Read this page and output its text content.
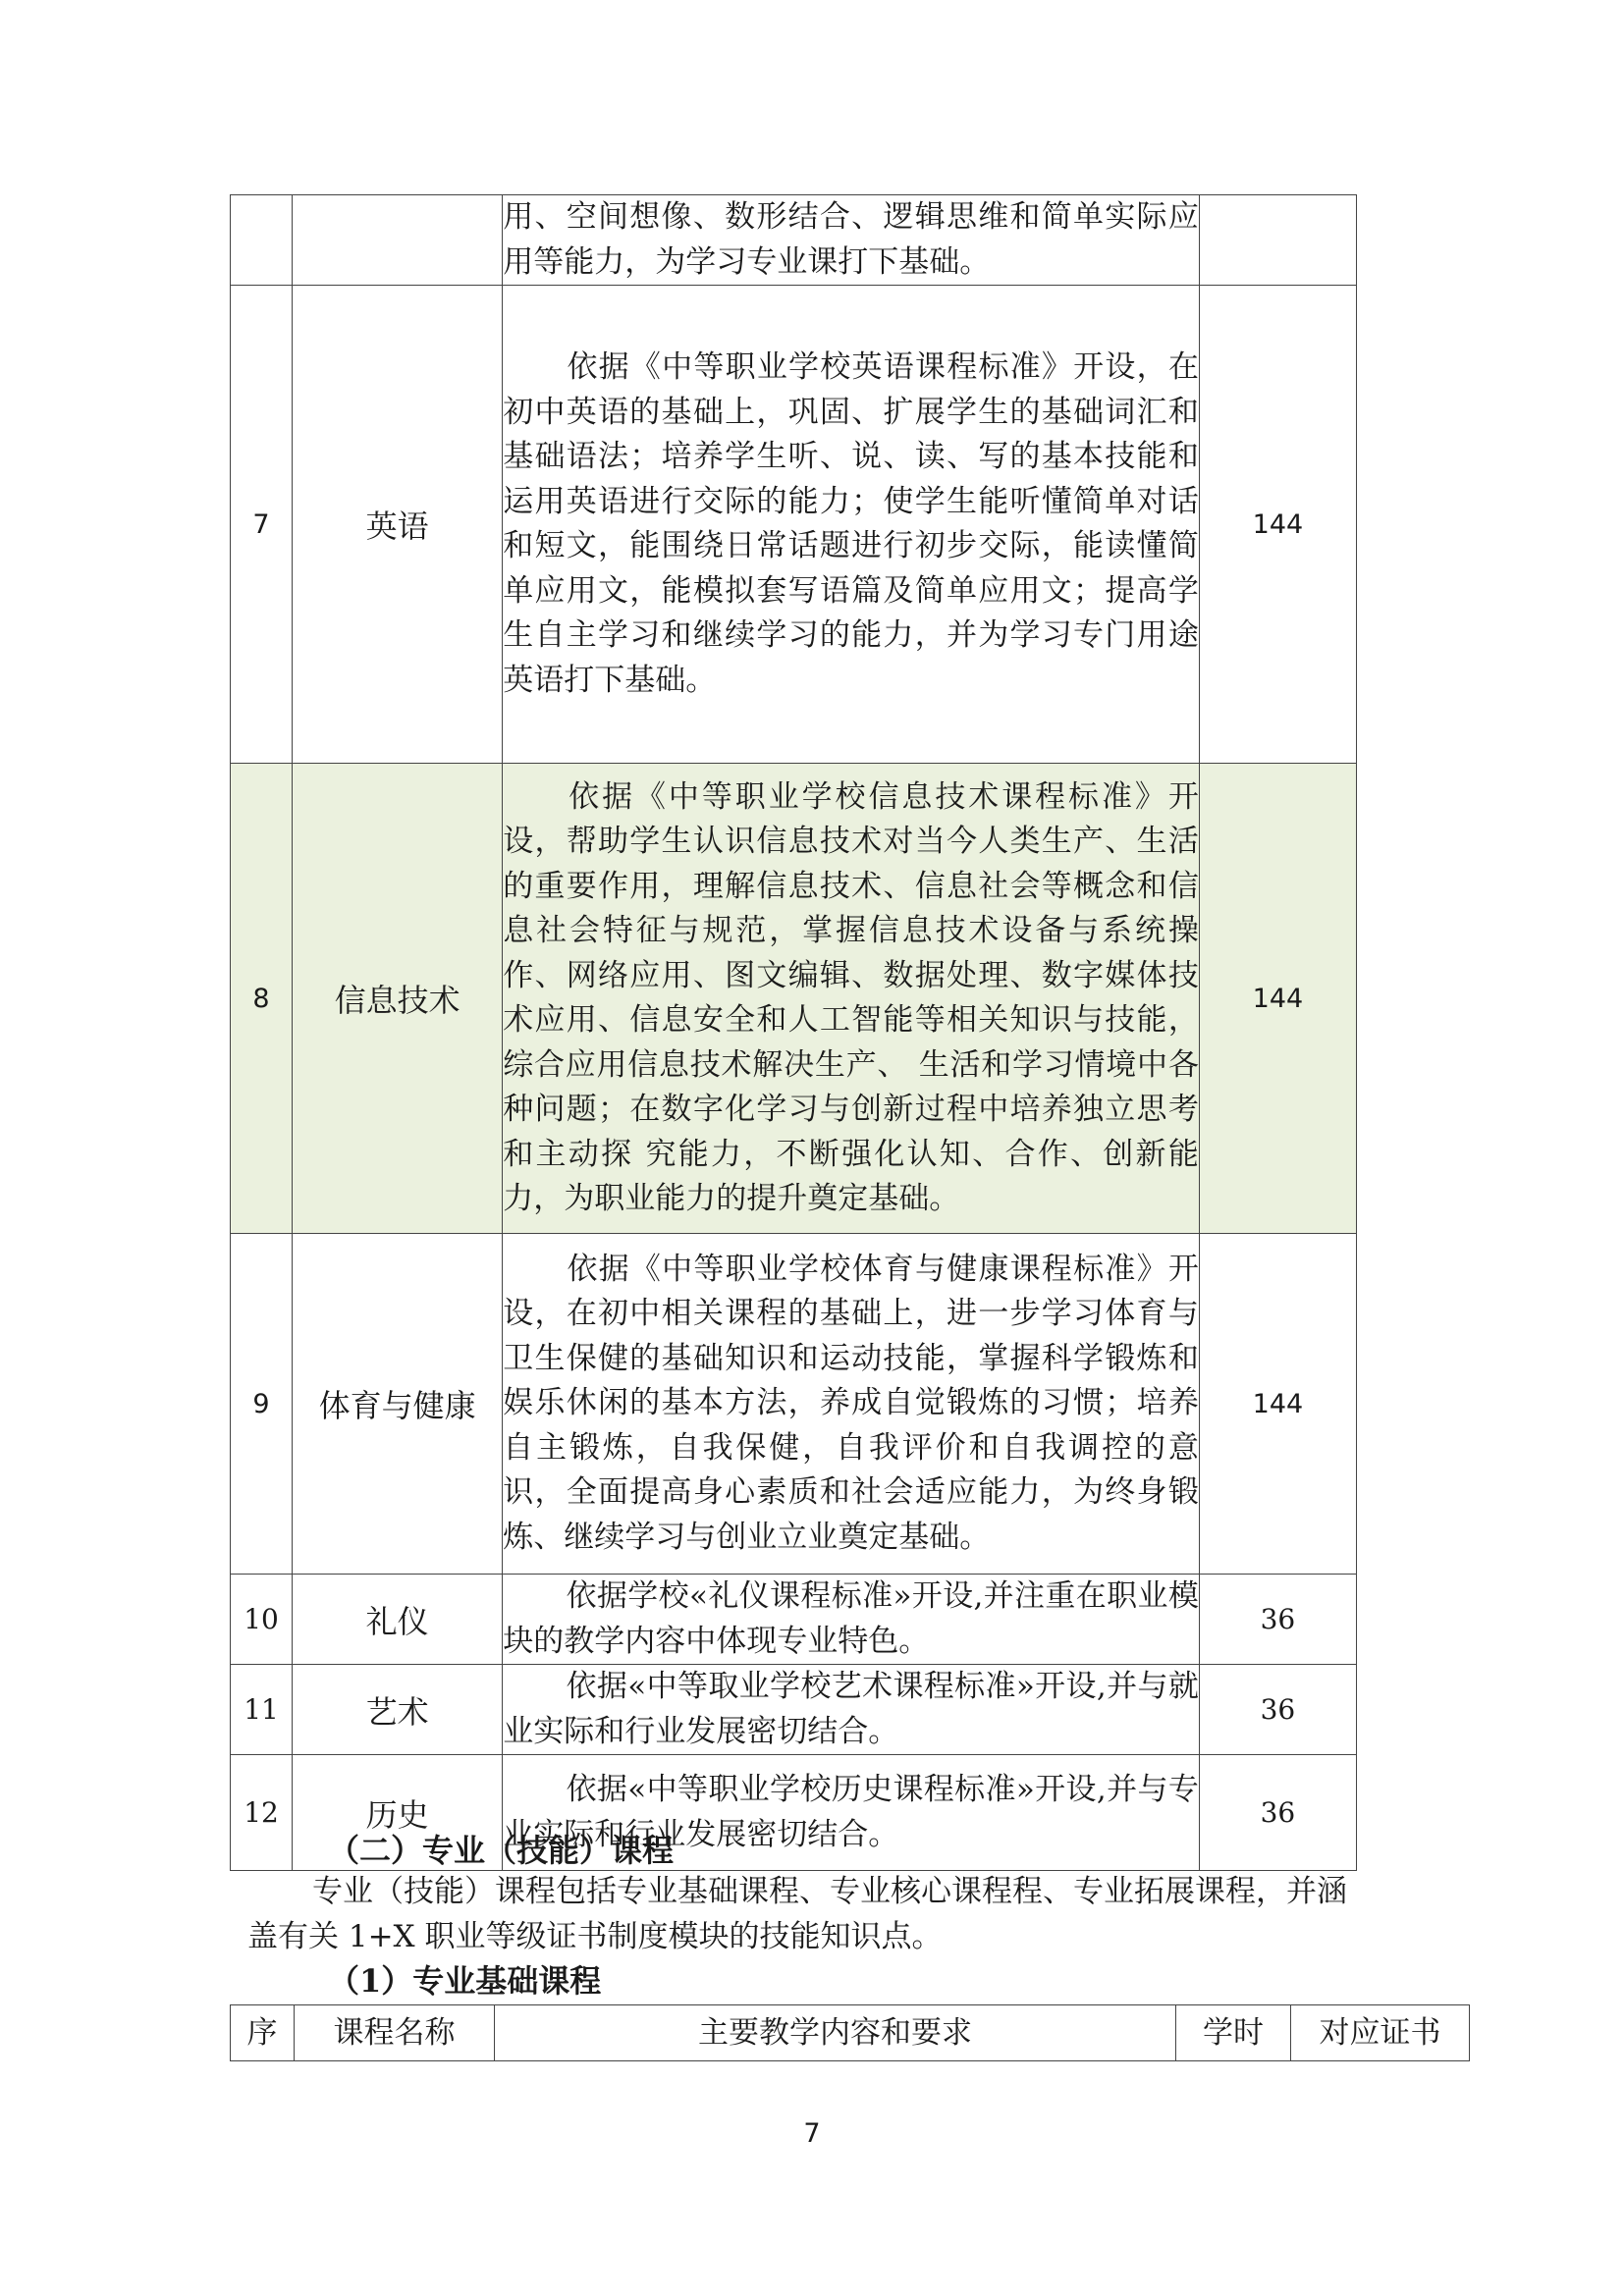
		用、空间想像、数形结合、逻辑思维和简单实际应用等能力，为学习专业课打下基础。	

7	英语	依据《中等职业学校英语课程标准》开设，在初中英语的基础上，巩固、扩展学生的基础词汇和基础语法；培养学生听、说、读、写的基本技能和运用英语进行交际的能力；使学生能听懂简单对话和短文，能围绕日常话题进行初步交际，能读懂简单应用文，能模拟套写语篇及简单应用文；提高学生自主学习和继续学习的能力，并为学习专门用途英语打下基础。	144
8	信息技术	依据《中等职业学校信息技术课程标准》开设，帮助学生认识信息技术对当今人类生产、生活的重要作用，理解信息技术、信息社会等概念和信息社会特征与规范，掌握信息技术设备与系统操作、网络应用、图文编辑、数据处理、数字媒体技 术应用、信息安全和人工智能等相关知识与技能，综合应用信息技术解决生产、 生活和学习情境中各种问题；在数字化学习与创新过程中培养独立思考和主动探 究能力，不断强化认知、合作、创新能力，为职业能力的提升奠定基础。	144
9	体育与健康	依据《中等职业学校体育与健康课程标准》开设，在初中相关课程的基础上，进一步学习体育与卫生保健的基础知识和运动技能，掌握科学锻炼和娱乐休闲的基本方法，养成自觉锻炼的习惯；培养自主锻炼，自我保健，自我评价和自我调控的意识，全面提高身心素质和社会适应能力，为终身锻炼、继续学习与创业立业奠定基础。	144
10	礼仪	依据学校«礼仪课程标准»开设,并注重在职业模块的教学内容中体现专业特色。	36
11	艺术	依据«中等取业学校艺术课程标准»开设,并与就业实际和行业发展密切结合。	36
12	历史	依据«中等职业学校历史课程标准»开设,并与专业实际和行业发展密切结合。	36
（二）专业（技能）课程

专业（技能）课程包括专业基础课程、专业核心课程程、专业拓展课程，并涵盖有关 1+X 职业等级证书制度模块的技能知识点。

（1）专业基础课程
序	课程名称	主要教学内容和要求	学时	对应证书
7
